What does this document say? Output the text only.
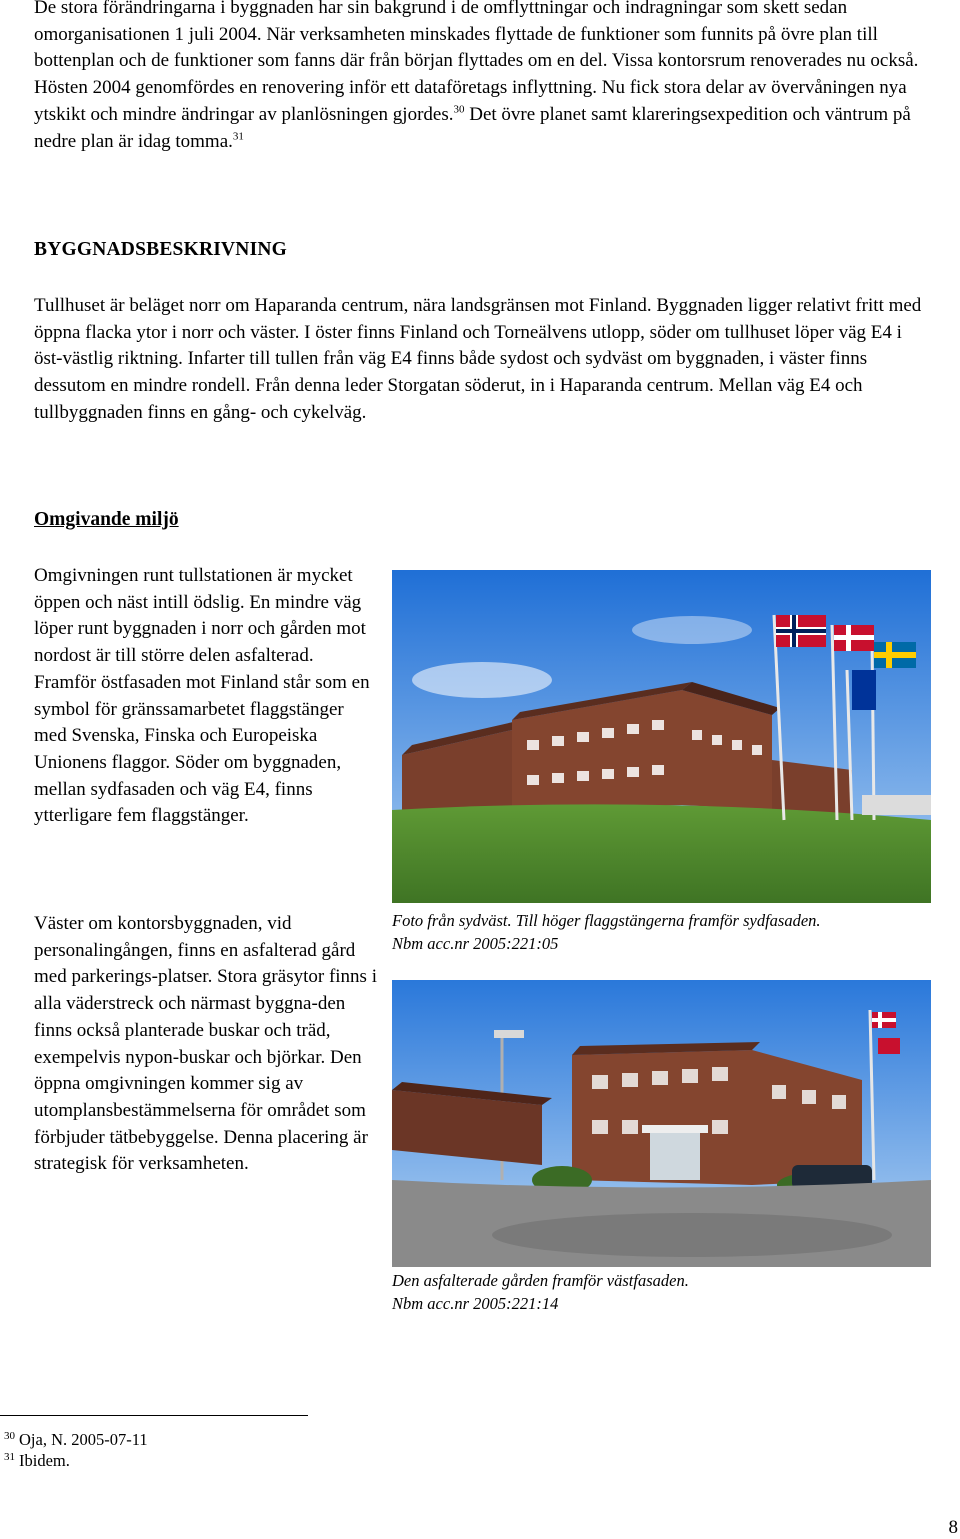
De stora förändringarna i byggnaden har sin bakgrund i de omflyttningar och indragningar som skett sedan omorganisationen 1 juli 2004. När verksamheten minskades flyttade de funktioner som funnits på övre plan till bottenplan och de funktioner som fanns där från början flyttades om en del. Vissa kontorsrum renoverades nu också. Hösten 2004 genomfördes en renovering inför ett dataföretags inflyttning. Nu fick stora delar av övervåningen nya ytskikt och mindre ändringar av planlösningen gjordes.$^{30}$ Det övre planet samt klareringsexpedition och väntrum på nedre plan är idag tomma.$^{31}$

BYGGNADSBESKRIVNING

Tullhuset är beläget norr om Haparanda centrum, nära landsgränsen mot Finland. Byggnaden ligger relativt fritt med öppna flacka ytor i norr och väster. I öster finns Finland och Torneälvens utlopp, söder om tullhuset löper väg E4 i öst-västlig riktning. Infarter till tullen från väg E4 finns både sydost och sydväst om byggnaden, i väster finns dessutom en mindre rondell. Från denna leder Storgatan söderut, in i Haparanda centrum. Mellan väg E4 och tullbyggnaden finns en gång- och cykelväg.

Omgivande miljö

Omgivningen runt tullstationen är mycket öppen och näst intill ödslig. En mindre väg löper runt byggnaden i norr och gården mot nordost är till större delen asfalterad. Framför östfasaden mot Finland står som en symbol för gränssamarbetet flaggstänger med Svenska, Finska och Europeiska Unionens flaggor. Söder om byggnaden, mellan sydfasaden och väg E4, finns ytterligare fem flaggstänger.

Väster om kontorsbyggnaden, vid personalingången, finns en asfalterad gård med parkerings-platser. Stora gräsytor finns i alla väderstreck och närmast byggna-den finns också planterade buskar och träd, exempelvis nypon-buskar och björkar. Den öppna omgivningen kommer sig av utomplansbestämmelserna för området som förbjuder tätbebyggelse. Denna placering är strategisk för verksamheten.

Foto från sydväst. Till höger flaggstängerna framför sydfasaden.
Nbm acc.nr 2005:221:05
Den asfalterade gården framför västfasaden.
Nbm acc.nr 2005:221:14
$^{30}$ Oja, N. 2005-07-11
$^{31}$ Ibidem.
8
